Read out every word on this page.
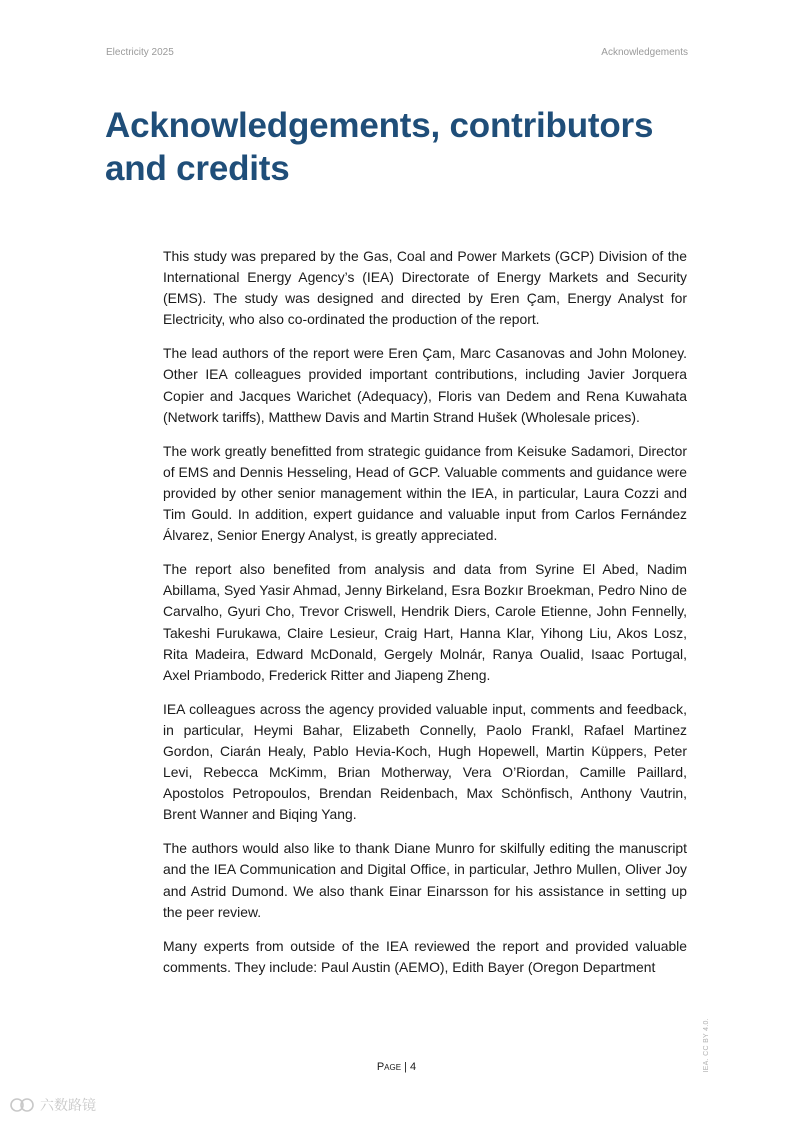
Electricity 2025	Acknowledgements
Acknowledgements, contributors
and credits

This study was prepared by the Gas, Coal and Power Markets (GCP) Division of the International Energy Agency’s (IEA) Directorate of Energy Markets and Security (EMS). The study was designed and directed by Eren Çam, Energy Analyst for Electricity, who also co-ordinated the production of the report.

The lead authors of the report were Eren Çam, Marc Casanovas and John Moloney. Other IEA colleagues provided important contributions, including Javier Jorquera Copier and Jacques Warichet (Adequacy), Floris van Dedem and Rena Kuwahata (Network tariffs), Matthew Davis and Martin Strand Hušek (Wholesale prices).

The work greatly benefitted from strategic guidance from Keisuke Sadamori, Director of EMS and Dennis Hesseling, Head of GCP. Valuable comments and guidance were provided by other senior management within the IEA, in particular, Laura Cozzi and Tim Gould. In addition, expert guidance and valuable input from Carlos Fernández Álvarez, Senior Energy Analyst, is greatly appreciated.

The report also benefited from analysis and data from Syrine El Abed, Nadim Abillama, Syed Yasir Ahmad, Jenny Birkeland, Esra Bozkır Broekman, Pedro Nino de Carvalho, Gyuri Cho, Trevor Criswell, Hendrik Diers, Carole Etienne, John Fennelly, Takeshi Furukawa, Claire Lesieur, Craig Hart, Hanna Klar, Yihong Liu, Akos Losz, Rita Madeira, Edward McDonald, Gergely Molnár, Ranya Oualid, Isaac Portugal, Axel Priambodo, Frederick Ritter and Jiapeng Zheng.

IEA colleagues across the agency provided valuable input, comments and feedback, in particular, Heymi Bahar, Elizabeth Connelly, Paolo Frankl, Rafael Martinez Gordon, Ciarán Healy, Pablo Hevia-Koch, Hugh Hopewell, Martin Küppers, Peter Levi, Rebecca McKimm, Brian Motherway, Vera O’Riordan, Camille Paillard, Apostolos Petropoulos, Brendan Reidenbach, Max Schönfisch, Anthony Vautrin, Brent Wanner and Biqing Yang.

The authors would also like to thank Diane Munro for skilfully editing the manuscript and the IEA Communication and Digital Office, in particular, Jethro Mullen, Oliver Joy and Astrid Dumond. We also thank Einar Einarsson for his assistance in setting up the peer review.

Many experts from outside of the IEA reviewed the report and provided valuable comments. They include: Paul Austin (AEMO), Edith Bayer (Oregon Department

Page | 4	IEA. CC BY 4.0.
六数路镜
